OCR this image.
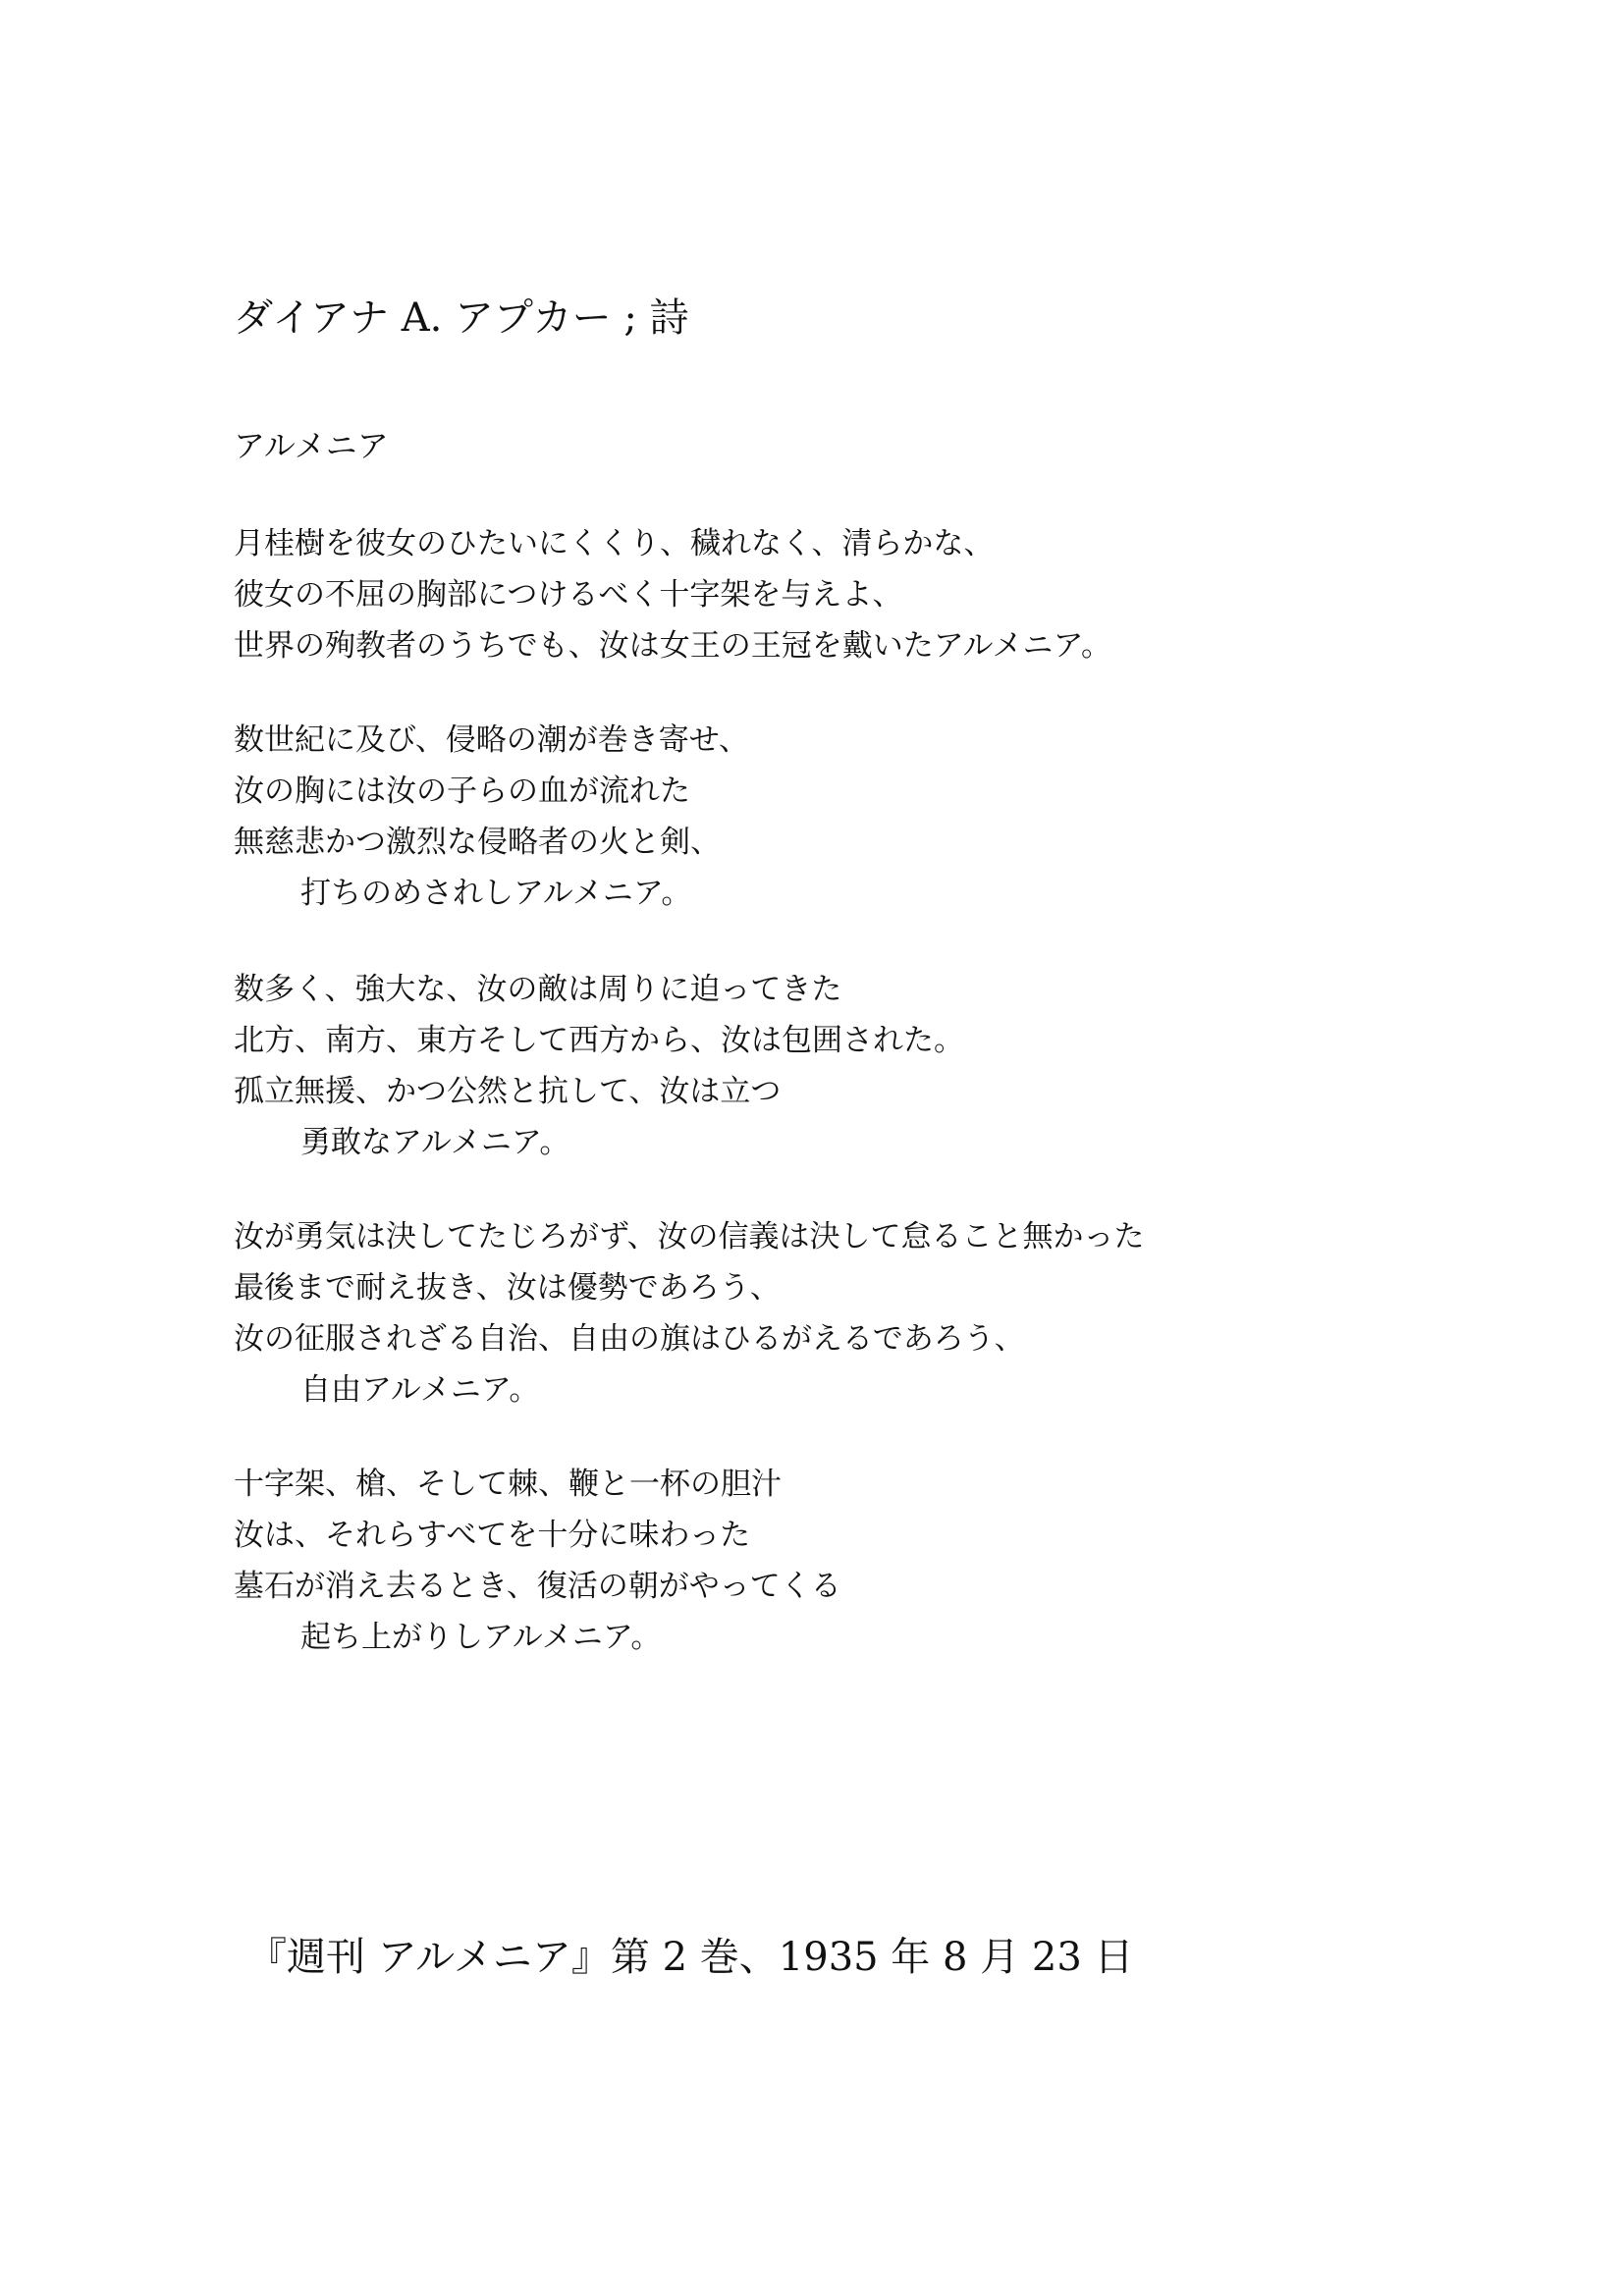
ダイアナ A. アプカー ; 詩
アルメニア
月桂樹を彼女のひたいにくくり、穢れなく、清らかな、
彼女の不屈の胸部につけるべく十字架を与えよ、
世界の殉教者のうちでも、汝は女王の王冠を戴いたアルメニア。
数世紀に及び、侵略の潮が巻き寄せ、
汝の胸には汝の子らの血が流れた
無慈悲かつ激烈な侵略者の火と剣、
打ちのめされしアルメニア。
数多く、強大な、汝の敵は周りに迫ってきた
北方、南方、東方そして西方から、汝は包囲された。
孤立無援、かつ公然と抗して、汝は立つ
勇敢なアルメニア。
汝が勇気は決してたじろがず、汝の信義は決して怠ること無かった
最後まで耐え抜き、汝は優勢であろう、
汝の征服されざる自治、自由の旗はひるがえるであろう、
自由アルメニア。
十字架、槍、そして棘、鞭と一杯の胆汁
汝は、それらすべてを十分に味わった
墓石が消え去るとき、復活の朝がやってくる
起ち上がりしアルメニア。
『週刊 アルメニア』第 2 巻、1935 年 8 月 23 日
